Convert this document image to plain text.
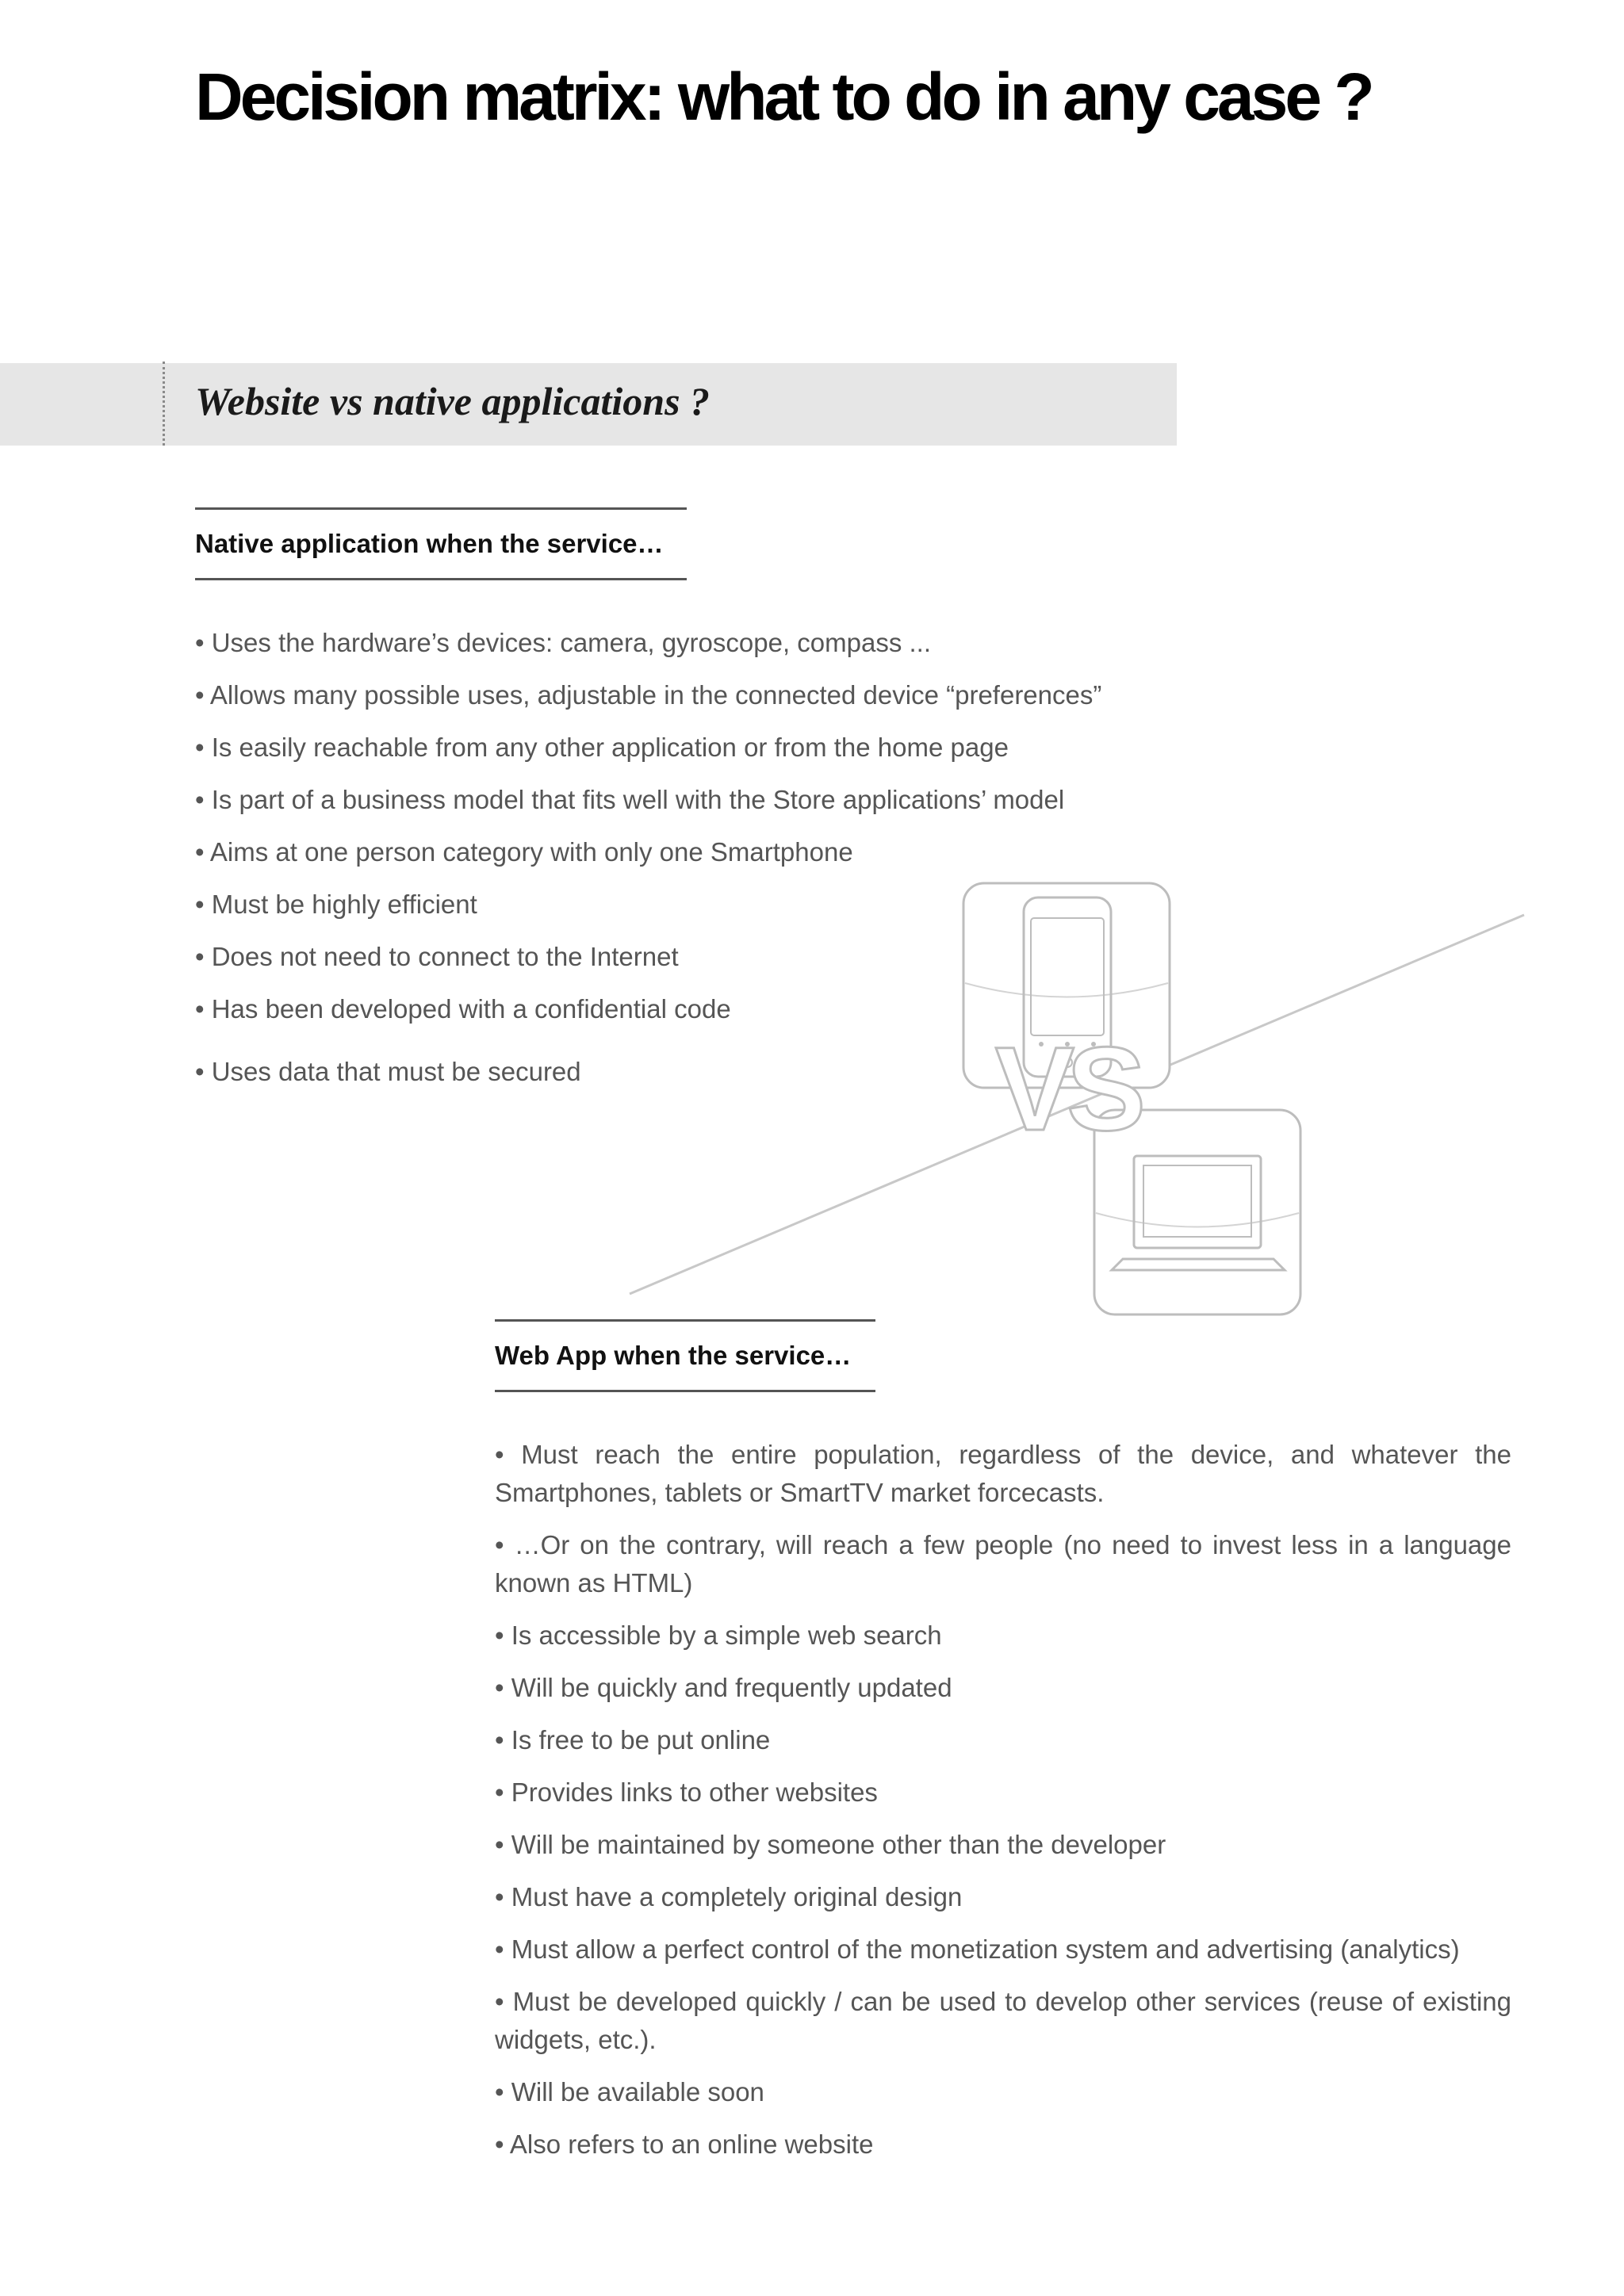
Decision matrix: what to do in any case ?
Website vs native applications ?
Native application when the service…
• Uses the hardware’s devices: camera, gyroscope, compass ...
• Allows many possible uses, adjustable in the connected device “preferences”
• Is easily reachable from any other application or from the home page
• Is part of a business model that fits well with the Store applications’ model
• Aims at one person category with only one Smartphone
• Must be highly efficient
• Does not need to connect to the Internet
• Has been developed with a confidential code
• Uses data that must be secured	VS
Web App when the service…
• Must reach the entire population, regardless of the device, and whatever the Smartphones, tablets or SmartTV market forcecasts.
• …Or on the contrary, will reach a few people (no need to invest less in a language known as HTML)
• Is accessible by a simple web search
• Will be quickly and frequently updated
• Is free to be put online
• Provides links to other websites
• Will be maintained by someone other than the developer
• Must have a completely original design
• Must allow a perfect control of the monetization system and advertising (analytics)
• Must be developed quickly / can be used to develop other services (reuse of existing widgets, etc.).
• Will be available soon
• Also refers to an online website
